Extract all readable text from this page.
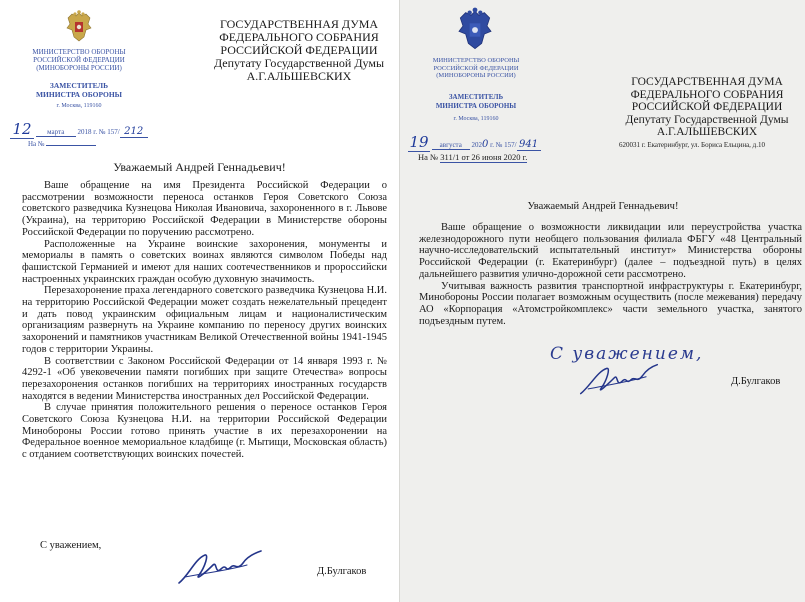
МИНИСТЕРСТВО ОБОРОНЫ
РОССИЙСКОЙ ФЕДЕРАЦИИ
(МИНОБОРОНЫ РОССИИ)
ЗАМЕСТИТЕЛЬ
МИНИСТРА ОБОРОНЫ
г. Москва, 119160
12 марта 2018 г. № 157/ 212
На №
ГОСУДАРСТВЕННАЯ ДУМА
ФЕДЕРАЛЬНОГО СОБРАНИЯ
РОССИЙСКОЙ ФЕДЕРАЦИИ
Депутату Государственной Думы
А.Г.АЛЬШЕВСКИХ
Уважаемый Андрей Геннадьевич!

Ваше обращение на имя Президента Российской Федерации о рассмотрении возможности переноса останков Героя Советского Союза советского разведчика Кузнецова Николая Ивановича, захороненного в г. Львове (Украина), на территорию Российской Федерации в Министерстве обороны Российской Федерации по поручению рассмотрено.

Расположенные на Украине воинские захоронения, монументы и мемориалы в память о советских воинах являются символом Победы над фашистской Германией и имеют для наших соотечественников и пророссийски настроенных украинских граждан особую духовную значимость.

Перезахоронение праха легендарного советского разведчика Кузнецова Н.И. на территорию Российской Федерации может создать нежелательный прецедент и дать повод украинским официальным лицам и националистическим организациям развернуть на Украине компанию по переносу других воинских захоронений и памятников участникам Великой Отечественной войны 1941-1945 годов с территории Украины.

В соответствии с Законом Российской Федерации от 14 января 1993 г. № 4292-1 «Об увековечении памяти погибших при защите Отечества» вопросы перезахоронения останков погибших на территориях иностранных государств находятся в ведении Министерства иностранных дел Российской Федерации.

В случае принятия положительного решения о переносе останков Героя Советского Союза Кузнецова Н.И. на территории Российской Федерации Минобороны России готово принять участие в их перезахоронении на Федеральное военное мемориальное кладбище (г. Мытищи, Московская область) с отданием соответствующих воинских почестей.

С уважением,
Д.Булгаков
МИНИСТЕРСТВО ОБОРОНЫ
РОССИЙСКОЙ ФЕДЕРАЦИИ
(МИНОБОРОНЫ РОССИИ)
ЗАМЕСТИТЕЛЬ
МИНИСТРА ОБОРОНЫ
г. Москва, 119160
19 августа 2020 г. № 157/ 941
На № 311/1 от 26 июня 2020 г.
ГОСУДАРСТВЕННАЯ ДУМА
ФЕДЕРАЛЬНОГО СОБРАНИЯ
РОССИЙСКОЙ ФЕДЕРАЦИИ
Депутату Государственной Думы
А.Г.АЛЬШЕВСКИХ
620031 г. Екатеринбург, ул. Бориса Ельцина, д.10
Уважаемый Андрей Геннадьевич!

Ваше обращение о возможности ликвидации или переустройства участка железнодорожного пути необщего пользования филиала ФБГУ «48 Центральный научно-исследовательский испытательный институт» Министерства обороны Российской Федерации (г. Екатеринбург) (далее – подъездной путь) в целях дальнейшего развития улично-дорожной сети рассмотрено.

Учитывая важность развития транспортной инфраструктуры г. Екатеринбург, Минобороны России полагает возможным осуществить (после межевания) передачу АО «Корпорация «Атомстройкомплекс» части земельного участка, занятого подъездным путем.

С уважением,
Д.Булгаков
